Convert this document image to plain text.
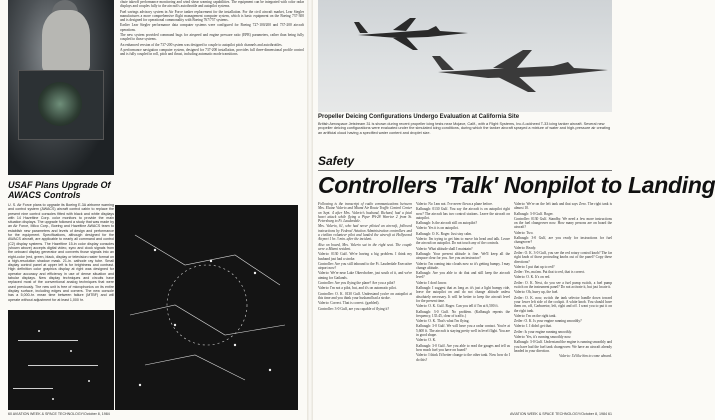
chute takeoff performance monitoring and wind shear warning capabilities. The equipment can be integrated with color radar displays and couples fully to the aircraft's autothrottle and autopilot systems.

Fuel savings advisory system in Air Force tanker replacement for the installation. For the civil aircraft market, Lear Siegler manufactures a more comprehensive flight management computer system, which is basic equipment on the Boeing 737-300 and is designed for operational commonality with Boeing 767/757 systems.

Earlier Lear Siegler performance data computer systems were configured for Boeing 727-100/200 and 737-200 aircraft operations.

The new system provided command bugs for airspeed and engine pressure ratio (EPR) parameters, rather than being fully coupled to those systems.

An enhanced version of the 737-200 system was designed to couple to autopilot pitch channels and autothrottles.

A performance navigation computer system, designed for 737-200 installation, provides full three-dimensional profile control and is fully coupled in roll, pitch and thrust, including automatic mode transitions.

USAF Plans Upgrade Of AWACS Controls

U. S. Air Force plans to upgrade its Boeing E-3A airborne warning and control system (AWACS) aircraft control cabin to replace the present nine control consoles fitted with black and white displays with 14 Hazeltine Corp. color monitors to provide the main situation displays. The upgrade followed a study that was made by an Air Force, Milco Corp., Boeing and Hazeltine AWACS team to establish new parameters and levels of design and performance for the equipment. Specifications, although designed for the AWACS aircraft, are applicable to nearly all command and control (C2) display systems. The Hazeltine 15-in color display consoles (shown above) accepts digital video, sync and clock signals from the onboard display generator and converts those signals into an eight-color (red, green, black, display or television raster format on a high-resolution shadow mask. 21-in. cathode ray tube. Small display control panel at upper left is for brightness and contrast. High definition color graphics display at right was designed for operator accuracy and efficiency in use of dense situation and tabular displays. New display techniques and circuits have replaced most of the conventional analog techniques that were used previously. The new unit is free of microphonics on its entire display surface, including edges and corners. The new console has a 5,000-hr. mean time between failure (MTBF) and will operate without adjustment for at least 1,000 hr.

60 AVIATION WEEK & SPACE TECHNOLOGY/October 8, 1984
Propeller Deicing Configurations Undergo Evaluation at California Site
British Aerospace Jetstream 31 is shown during recent propeller icing tests near Mojave, Calif., with a Flight Systems, Inc./Lockheed T-33 icing tanker aircraft. Several new propeller deicing configurations were evaluated under the simulated icing conditions, during which the tanker aircraft sprayed a mixture of water and high-pressure air creating an artificial cloud having a specified water content and droplet size.
Safety
Controllers 'Talk' Nonpilot to Landing

Following is the transcript of radio communications between Mrs. Elaine Valerio and Miami Air Route Traffic Control Center on Sept. 4 after Mrs. Valerio's husband, Richard, had a fatal heart attack while flying a Piper PA-28 Warrior 2 from St. Petersburg to Ft. Lauderdale.

Mrs. Valerio, 61, who had never piloted an aircraft, followed instructions by Federal Aviation Administration controllers and a civilian volunteer pilot and landed the aircraft at Hollywood Airport 1 hr. 3 min. after the incident.

Also on board, Mrs. Valerio sat in the right seat. The couple were a Miami resident.

Valerio: 0130 Gulf. We're having a big problem. I think my husband just had a stroke.

Controller: Are you still inbound to the Ft. Lauderdale Executive airport now?

Valerio: We're near Lake Okeechobee, just south of it, and we're aiming for Gatlands.

Controller: Are you flying the plane? Are you a pilot?

Valerio: I'm not a pilot, but, and it's on automatic pilot.

Controller: O. K. 0130 Gulf. Understand you're on autopilot at this time and you think your husband had a stroke.

Valerio: Correct. That is correct. (garbled).

Controller: 3-0 Gulf, are you capable of flying it?

Valerio: No I am not. I've never flown a plane before.

Kalbaugh: 0130 Gulf. You say the aircraft is on autopilot right now? The aircraft has two control stations. Leave the aircraft on autopilot.

Kalbaugh: Is the aircraft still on autopilot?

Valerio: Yes it is on autopilot.

Kalbaugh: O. K. Roger. Just stay calm.

Valerio: I'm trying to get him to move his head and talk. Leave the aircraft on autopilot. Do not touch any of the controls.

Valerio: What altitude shall I maintain?

Kalbaugh: Your present altitude is fine. We'll keep all the airspace clear for you. Are you an instructor?

Valerio: I'm coming into clouds now so it's getting bumpy. I may change altitude.

Kalbaugh: Are you able to do that and still keep the aircraft level?

Valerio: I don't know.

Kalbaugh: I suggest that as long as it's just a light bumpy ride, leave the autopilot on and do not change altitude unless absolutely necessary. It will be better to keep the aircraft level for the present time.

Valerio: O. K. Gulf. Roger. Can you tell if I'm at 6,500 ft.

Kalbaugh: 3-0 Gulf. No problem. (Kalbaugh repeats the frequency, 135.45, clear of traffic.)

Valerio: O. K. That's what I'm flying.

Kalbaugh: 3-0 Gulf. We will have you a radar contact. You're at 5,600 ft. The aircraft is staying pretty well in level flight. You are in good shape.

Valerio: O. K.

Kalbaugh: 3-0 Gulf. Are you able to read the gauges and tell us how much fuel you have on board?

Valerio: I think I'd better change to the other tank. Now how do I do this?

Valerio: We're on the left tank and that says Zero. The right tank is almost 10.

Kalbaugh: 3-0 Gulf. Roger.

Controller: 0130 Gulf. Standby. We need a few more instructions on the fuel changeover now. How many persons are on board the aircraft?

Valerio: Two.

Kalbaugh: 3-0 Gulf, are you ready for instructions for fuel changeover?

Valerio: Ready.

Zeiler: O. K. 3-0 Gulf, you see the red rotary control knob? The far right knob of those protruding knobs out of the panel? Copy these directions?

Valerio: I put that up to red?

Zeiler: Yes, ma'am. Put that to red, that is correct.

Valerio: O. K. It's on red.

Zeiler: O. K. Next, do you see a fuel pump switch, a fuel pump switch on the instrument panel? Do not activate it, but just locate it.

Valerio: Oh, hurry up, the fuel.

Zeiler: O. K. now, switch the tank selector handle down toward your lower left side of the cockpit. A white knob. You should have them on, off, Carburetor, left, right and off. I want you to put it on the right tank.

Valerio: I'm on the right tank.

Zeiler: O. K. Is your engine running smoothly?

Valerio: I. I didn't get that.

Zeiler: Is your engine running smoothly.

Valerio: Yes, it's running smoothly now.

Kalbaugh: 3-0 Gulf. Understand the engine is running smoothly and you have had the fuel tank changeover. We have an aircraft already headed in your direction.

Valerio: I'd like him to come aboard.

AVIATION WEEK & SPACE TECHNOLOGY/October 8, 1984 61
